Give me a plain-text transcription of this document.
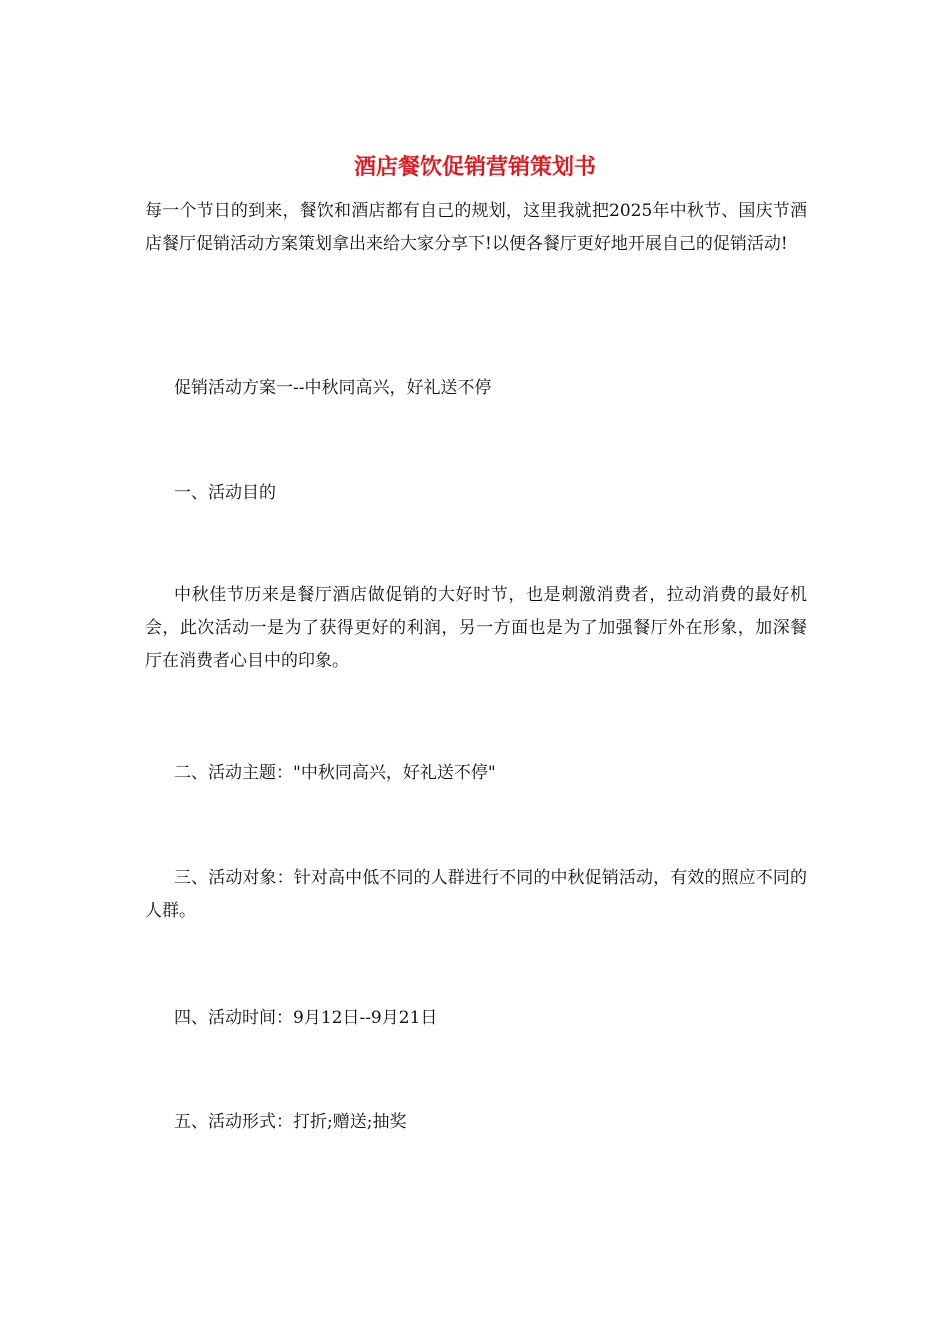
酒店餐饮促销营销策划书

每一个节日的到来，餐饮和酒店都有自己的规划，这里我就把2025年中秋节、国庆节酒店餐厅促销活动方案策划拿出来给大家分享下!以便各餐厅更好地开展自己的促销活动!

促销活动方案一--中秋同高兴，好礼送不停

一、活动目的

中秋佳节历来是餐厅酒店做促销的大好时节，也是刺激消费者，拉动消费的最好机会，此次活动一是为了获得更好的利润，另一方面也是为了加强餐厅外在形象，加深餐厅在消费者心目中的印象。

二、活动主题："中秋同高兴，好礼送不停"

三、活动对象：针对高中低不同的人群进行不同的中秋促销活动，有效的照应不同的人群。

四、活动时间：9月12日--9月21日

五、活动形式：打折;赠送;抽奖
